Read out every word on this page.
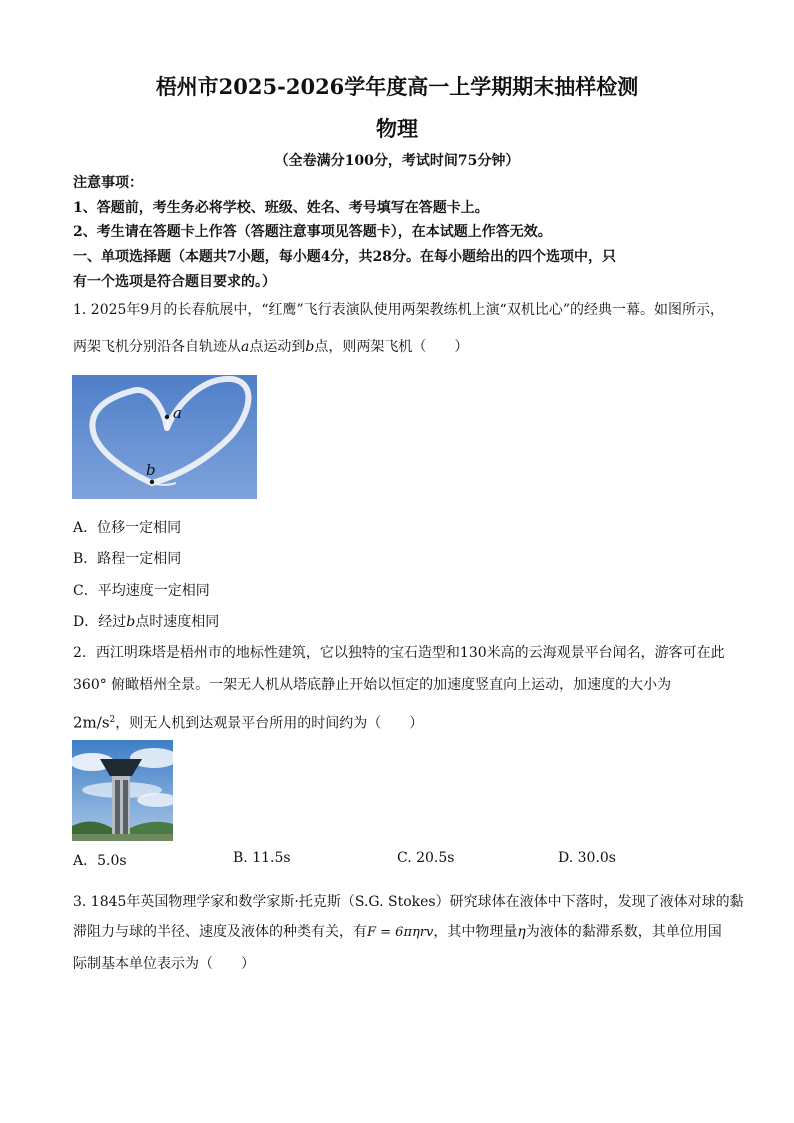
梧州市2025-2026学年度高一上学期期末抽样检测
物理
（全卷满分100分，考试时间75分钟）
注意事项：
1、答题前，考生务必将学校、班级、姓名、考号填写在答题卡上。
2、考生请在答题卡上作答（答题注意事项见答题卡），在本试题上作答无效。
一、单项选择题（本题共7小题，每小题4分，共28分。在每小题给出的四个选项中，只
有一个选项是符合题目要求的。）
1. 2025年9月的长春航展中，“红鹰”飞行表演队使用两架教练机上演“双机比心”的经典一幕。如图所示，
两架飞机分别沿各自轨迹从a点运动到b点，则两架飞机（　　）
a
b
A．位移一定相同
B．路程一定相同
C．平均速度一定相同
D．经过b点时速度相同
2．西江明珠塔是梧州市的地标性建筑，它以独特的宝石造型和130米高的云海观景平台闻名，游客可在此
360° 俯瞰梧州全景。一架无人机从塔底静止开始以恒定的加速度竖直向上运动，加速度的大小为
$2m/s^2$，则无人机到达观景平台所用的时间约为（　　）
A．5.0s	B. 11.5s	C. 20.5s	D. 30.0s
3. 1845年英国物理学家和数学家斯·托克斯（S.G. Stokes）研究球体在液体中下落时，发现了液体对球的黏
滞阻力与球的半径、速度及液体的种类有关，有F = 6πηrv，其中物理量η为液体的黏滞系数，其单位用国
际制基本单位表示为（　　）
